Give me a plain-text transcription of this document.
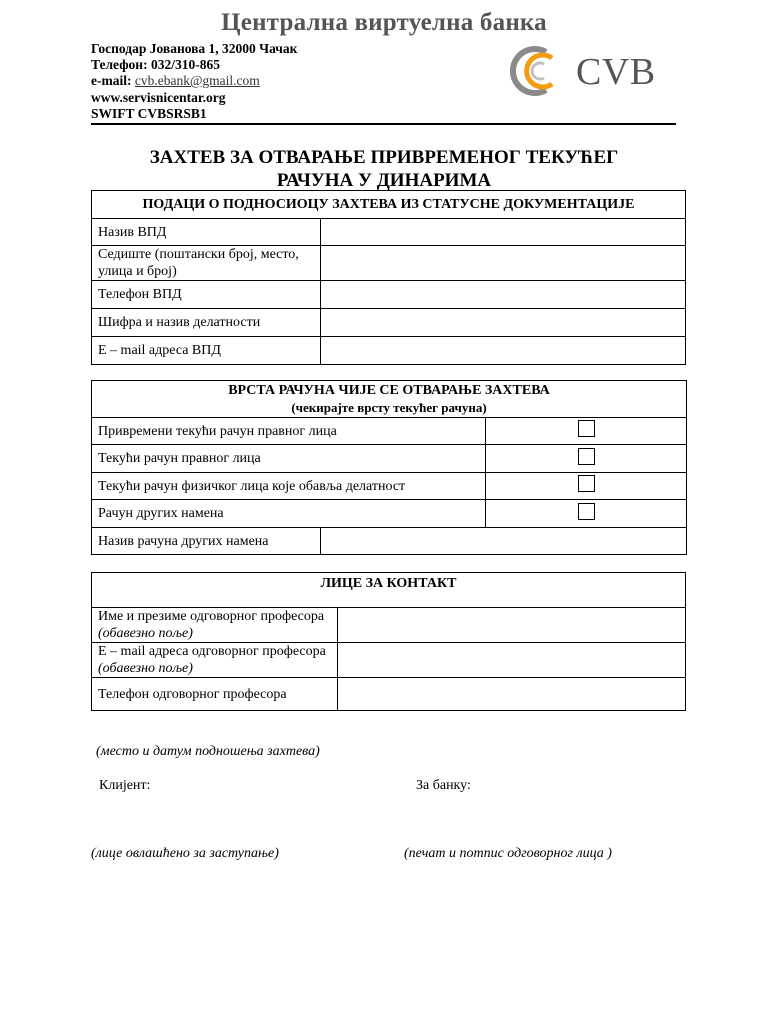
Централна виртуелна банка
Господар Јованова 1, 32000 Чачак
Телефон: 032/310-865
e-mail: cvb.ebank@gmail.com
www.servisnicentar.org
SWIFT CVBSRSB1
CVB
ЗАХТЕВ ЗА ОТВАРАЊЕ ПРИВРЕМЕНОГ ТЕКУЋЕГ
РАЧУНА У ДИНАРИМА
ПОДАЦИ О ПОДНОСИОЦУ ЗАХТЕВА ИЗ СТАТУСНЕ ДОКУМЕНТАЦИЈЕ	
Назив ВПД	
Седиште (поштански број, место, улица и број)	
Телефон ВПД	
Шифра и назив делатности	
E – mail адреса ВПД	
ВРСТА РАЧУНА ЧИЈЕ СЕ ОТВАРАЊЕ ЗАХТЕВА
(чекирајте врсту текућег рачуна)		

Привремени текући рачун правног лица		
Текући рачун правног лица		
Текући рачун физичког лица које обавља делатност		
Рачун других намена		
Назив рачуна других намена		
ЛИЦЕ ЗА КОНТАКТ	
Име и презиме одговорног професора (обавезно поље)	
E – mail адреса одговорног професора (обавезно поље)	
Телефон одговорног професора	
(место и датум подношења захтева)
Клијент:	За банку:
(лице овлашћено за заступање)	(печат и потпис одговорног лица )
